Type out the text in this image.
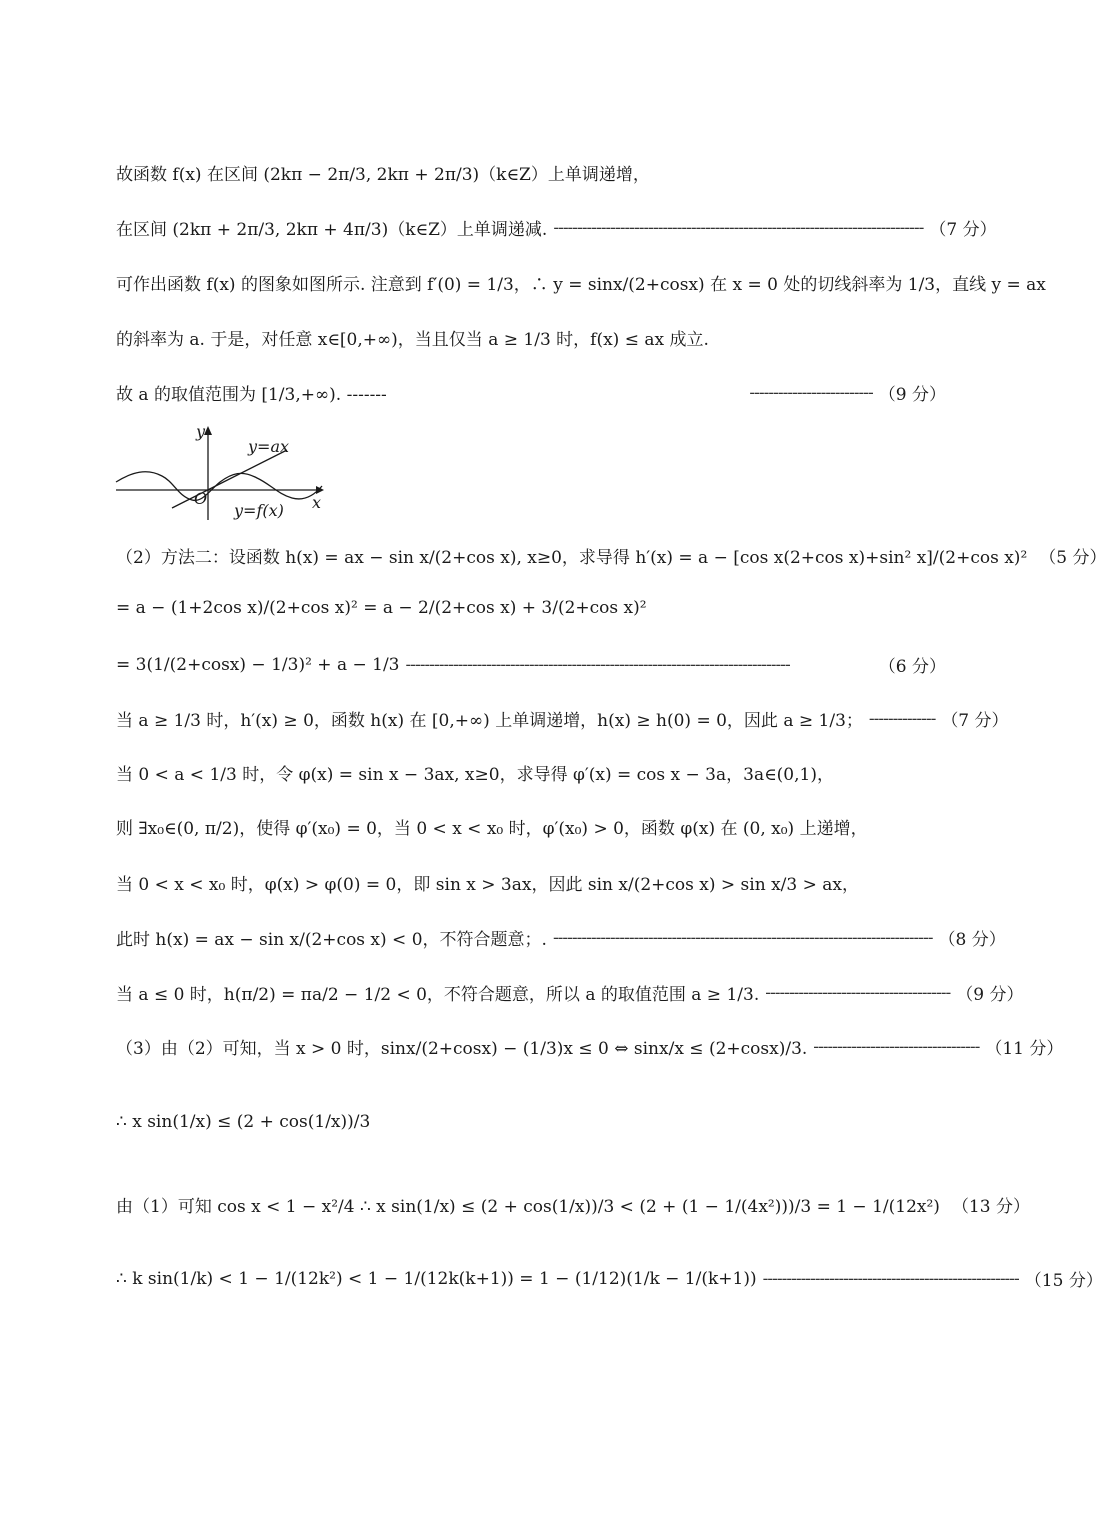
故函数 f(x) 在区间 (2kπ − 2π/3, 2kπ + 2π/3)（k∈Z）上单调递增，
在区间 (2kπ + 2π/3, 2kπ + 4π/3)（k∈Z）上单调递减. ------------------------------------------------------------------------------ （7 分）
可作出函数 f(x) 的图象如图所示. 注意到 f′(0) = 1/3，∴ y = sinx/(2+cosx) 在 x = 0 处的切线斜率为 1/3，直线 y = ax
的斜率为 a. 于是，对任意 x∈[0,+∞)，当且仅当 a ≥ 1/3 时，f(x) ≤ ax 成立.
故 a 的取值范围为 [1/3,+∞). -------	-------------------------- （9 分）
y
x
O
y=ax
y=f(x)
（2）方法二：设函数 h(x) = ax − sin x/(2+cos x), x≥0，求导得 h′(x) = a − [cos x(2+cos x)+sin² x]/(2+cos x)² （5 分）
= a − (1+2cos x)/(2+cos x)² = a − 2/(2+cos x) + 3/(2+cos x)²
= 3(1/(2+cosx) − 1/3)² + a − 1/3 ---------------------------------------------------------------------------------	（6 分）
当 a ≥ 1/3 时，h′(x) ≥ 0，函数 h(x) 在 [0,+∞) 上单调递增，h(x) ≥ h(0) = 0，因此 a ≥ 1/3； -------------- （7 分）
当 0 < a < 1/3 时，令 φ(x) = sin x − 3ax, x≥0，求导得 φ′(x) = cos x − 3a，3a∈(0,1)，
则 ∃x₀∈(0, π/2)，使得 φ′(x₀) = 0，当 0 < x < x₀ 时，φ′(x₀) > 0，函数 φ(x) 在 (0, x₀) 上递增，
当 0 < x < x₀ 时，φ(x) > φ(0) = 0，即 sin x > 3ax，因此 sin x/(2+cos x) > sin x/3 > ax，
此时 h(x) = ax − sin x/(2+cos x) < 0，不符合题意；. -------------------------------------------------------------------------------- （8 分）
当 a ≤ 0 时，h(π/2) = πa/2 − 1/2 < 0，不符合题意，所以 a 的取值范围 a ≥ 1/3. --------------------------------------- （9 分）
（3）由（2）可知，当 x > 0 时，sinx/(2+cosx) − (1/3)x ≤ 0 ⇔ sinx/x ≤ (2+cosx)/3. ----------------------------------- （11 分）
∴ x sin(1/x) ≤ (2 + cos(1/x))/3
由（1）可知 cos x < 1 − x²/4 ∴ x sin(1/x) ≤ (2 + cos(1/x))/3 < (2 + (1 − 1/(4x²)))/3 = 1 − 1/(12x²) （13 分）
∴ k sin(1/k) < 1 − 1/(12k²) < 1 − 1/(12k(k+1)) = 1 − (1/12)(1/k − 1/(k+1)) ------------------------------------------------------ （15 分）
